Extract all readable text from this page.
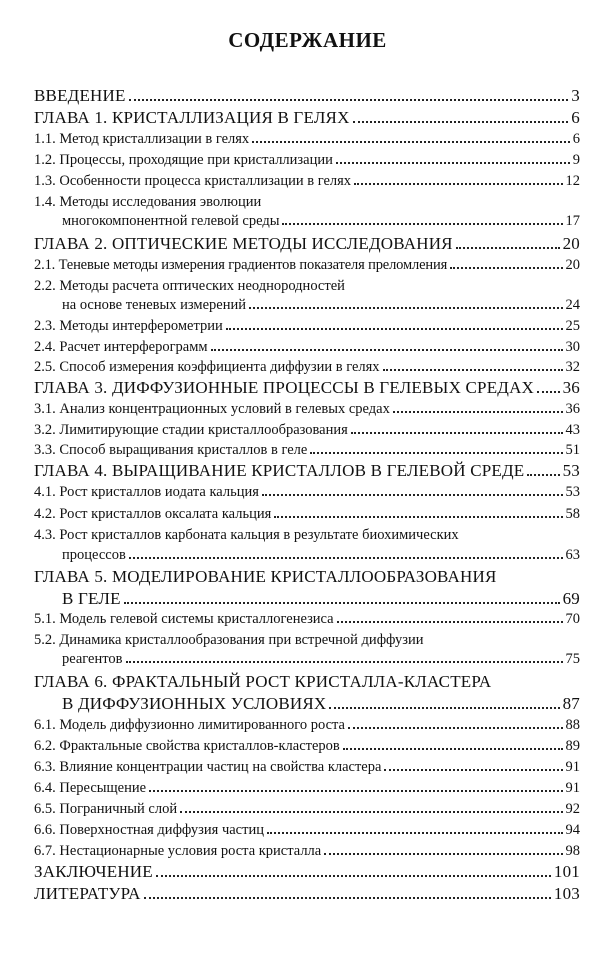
СОДЕРЖАНИЕ
ВВЕДЕНИЕ	3
ГЛАВА 1. КРИСТАЛЛИЗАЦИЯ В ГЕЛЯХ	6
1.1. Метод кристаллизации в гелях	6
1.2. Процессы, проходящие при кристаллизации	9
1.3. Особенности процесса кристаллизации в гелях	12
1.4. Методы исследования эволюции
многокомпонентной гелевой среды	17
ГЛАВА 2. ОПТИЧЕСКИЕ МЕТОДЫ ИССЛЕДОВАНИЯ	20
2.1. Теневые методы измерения градиентов показателя преломления	20
2.2. Методы расчета оптических неоднородностей
на основе теневых измерений	24
2.3. Методы интерферометрии	25
2.4. Расчет интерферограмм	30
2.5. Способ измерения коэффициента диффузии в гелях	32
ГЛАВА 3. ДИФФУЗИОННЫЕ ПРОЦЕССЫ В ГЕЛЕВЫХ СРЕДАХ 36
3.1. Анализ концентрационных условий в гелевых средах	36
3.2. Лимитирующие стадии кристаллообразования	43
3.3. Способ выращивания кристаллов в геле	51
ГЛАВА 4. ВЫРАЩИВАНИЕ КРИСТАЛЛОВ В ГЕЛЕВОЙ СРЕДЕ 53
4.1. Рост кристаллов иодата кальция	53
4.2. Рост кристаллов оксалата кальция	58
4.3. Рост кристаллов карбоната кальция в результате биохимических
процессов	63
ГЛАВА 5. МОДЕЛИРОВАНИЕ КРИСТАЛЛООБРАЗОВАНИЯ
В ГЕЛЕ	69
5.1. Модель гелевой системы кристаллогенезиса	70
5.2. Динамика кристаллообразования при встречной диффузии
реагентов	75
ГЛАВА 6. ФРАКТАЛЬНЫЙ РОСТ КРИСТАЛЛА-КЛАСТЕРА
В ДИФФУЗИОННЫХ УСЛОВИЯХ	87
6.1. Модель диффузионно лимитированного роста	88
6.2. Фрактальные свойства кристаллов-кластеров	89
6.3. Влияние концентрации частиц на свойства кластера	91
6.4. Пересыщение	91
6.5. Пограничный слой	92
6.6. Поверхностная диффузия частиц	94
6.7. Нестационарные условия роста кристалла	98
ЗАКЛЮЧЕНИЕ	101
ЛИТЕРАТУРА	103
